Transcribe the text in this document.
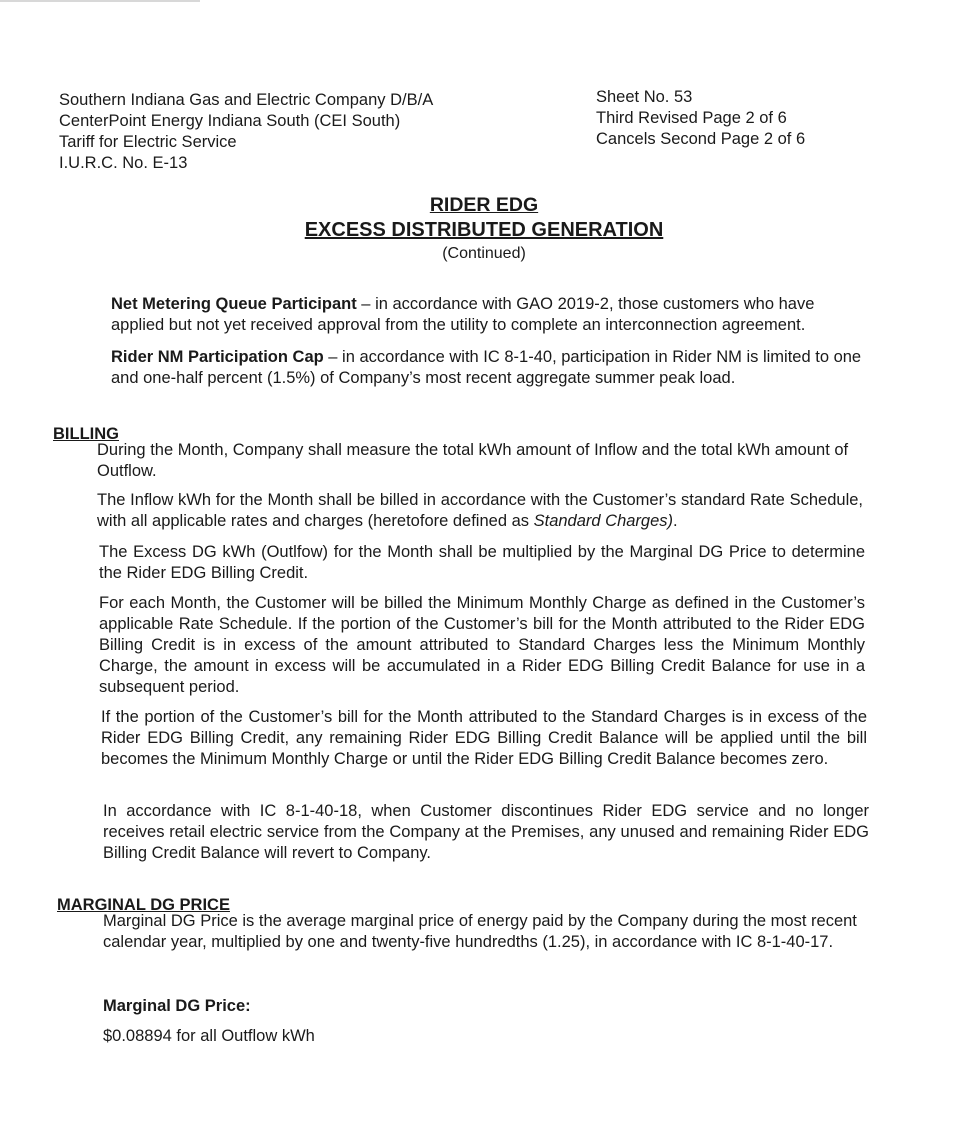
Southern Indiana Gas and Electric Company D/B/A
CenterPoint Energy Indiana South (CEI South)
Tariff for Electric Service
I.U.R.C. No. E-13
Sheet No. 53
Third Revised Page 2 of 6
Cancels Second Page 2 of 6
RIDER EDG
EXCESS DISTRIBUTED GENERATION
(Continued)
Net Metering Queue Participant – in accordance with GAO 2019-2, those customers who have applied but not yet received approval from the utility to complete an interconnection agreement.
Rider NM Participation Cap – in accordance with IC 8-1-40, participation in Rider NM is limited to one and one-half percent (1.5%) of Company’s most recent aggregate summer peak load.
BILLING
During the Month, Company shall measure the total kWh amount of Inflow and the total kWh amount of Outflow.
The Inflow kWh for the Month shall be billed in accordance with the Customer’s standard Rate Schedule, with all applicable rates and charges (heretofore defined as Standard Charges).
The Excess DG kWh (Outlfow) for the Month shall be multiplied by the Marginal DG Price to determine the Rider EDG Billing Credit.
For each Month, the Customer will be billed the Minimum Monthly Charge as defined in the Customer’s applicable Rate Schedule. If the portion of the Customer’s bill for the Month attributed to the Rider EDG Billing Credit is in excess of the amount attributed to Standard Charges less the Minimum Monthly Charge, the amount in excess will be accumulated in a Rider EDG Billing Credit Balance for use in a subsequent period.
If the portion of the Customer’s bill for the Month attributed to the Standard Charges is in excess of the Rider EDG Billing Credit, any remaining Rider EDG Billing Credit Balance will be applied until the bill becomes the Minimum Monthly Charge or until the Rider EDG Billing Credit Balance becomes zero.
In accordance with IC 8-1-40-18, when Customer discontinues Rider EDG service and no longer receives retail electric service from the Company at the Premises, any unused and remaining Rider EDG Billing Credit Balance will revert to Company.
MARGINAL DG PRICE
Marginal DG Price is the average marginal price of energy paid by the Company during the most recent calendar year, multiplied by one and twenty-five hundredths (1.25), in accordance with IC 8-1-40-17.
Marginal DG Price:
$0.08894 for all Outflow kWh
